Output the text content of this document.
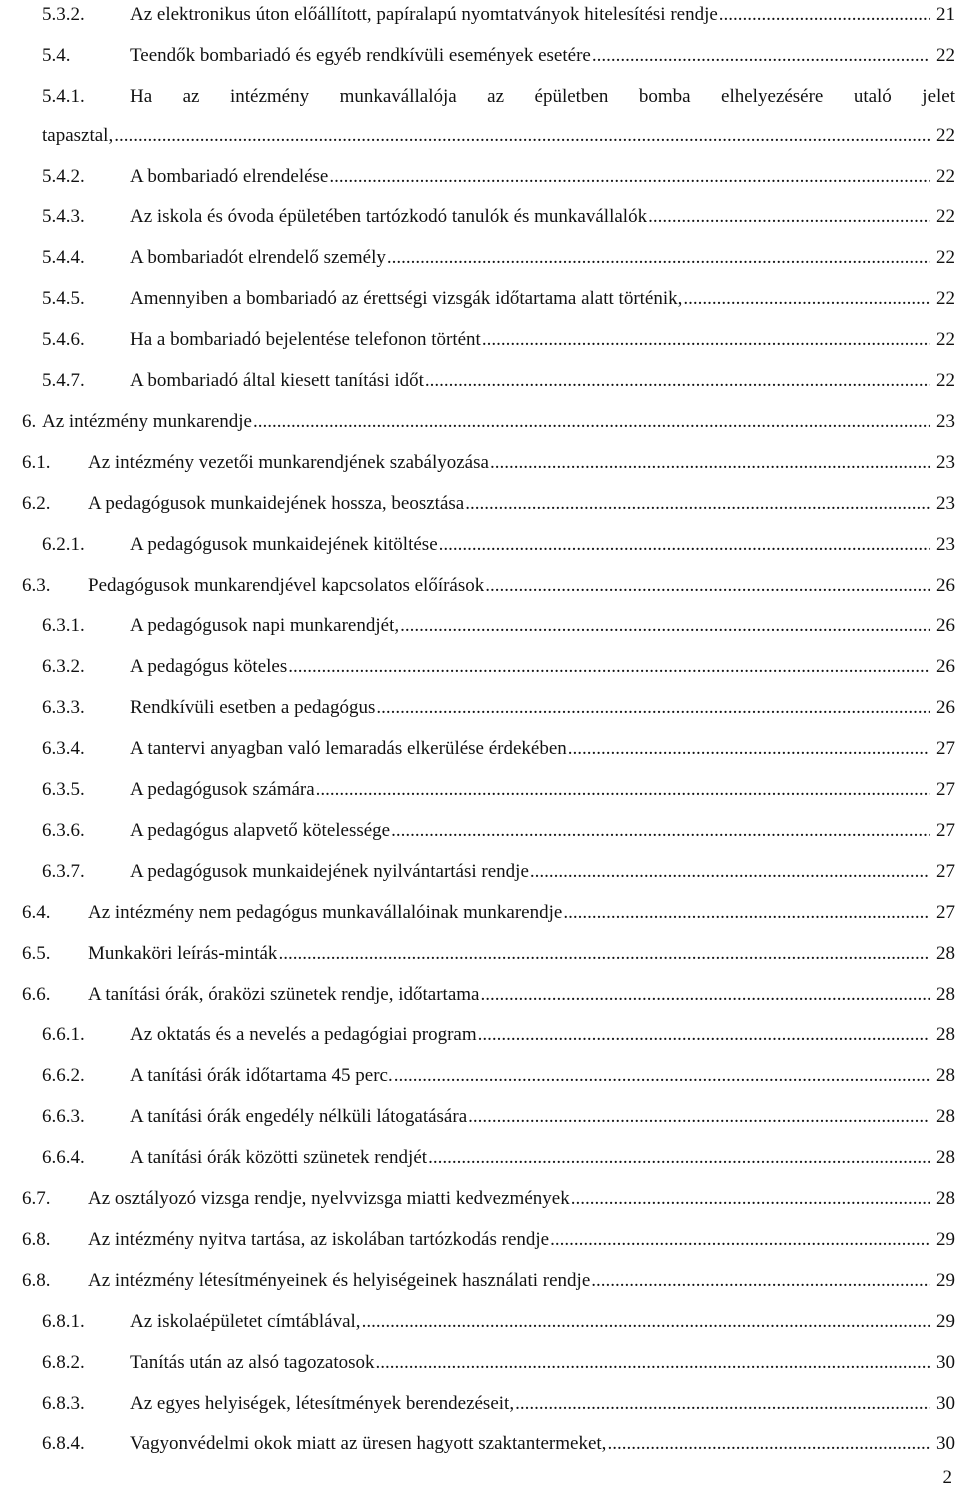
5.3.2.	Az elektronikus úton előállított, papíralapú nyomtatványok hitelesítési rendje .....	21
5.4.	Teendők bombariadó és egyéb rendkívüli események esetére .....	22
5.4.1.	Ha az intézmény munkavállalója az épületben bomba elhelyezésére utaló jelet
tapasztal, .....	22
5.4.2.	A bombariadó elrendelése .....	22
5.4.3.	Az iskola és óvoda épületében tartózkodó tanulók és munkavállalók .....	22
5.4.4.	A bombariadót elrendelő személy .....	22
5.4.5.	Amennyiben a bombariadó az érettségi vizsgák időtartama alatt történik, .....	22
5.4.6.	Ha a bombariadó bejelentése telefonon történt .....	22
5.4.7.	A bombariadó által kiesett tanítási időt .....	22
6. Az intézmény munkarendje .....	23
6.1.	Az intézmény vezetői munkarendjének szabályozása .....	23
6.2.	A pedagógusok munkaidejének hossza, beosztása .....	23
6.2.1.	A pedagógusok munkaidejének kitöltése .....	23
6.3.	Pedagógusok munkarendjével kapcsolatos előírások .....	26
6.3.1.	A pedagógusok napi munkarendjét, .....	26
6.3.2.	A pedagógus köteles .....	26
6.3.3.	Rendkívüli esetben a pedagógus .....	26
6.3.4.	A tantervi anyagban való lemaradás elkerülése érdekében .....	27
6.3.5.	A pedagógusok számára .....	27
6.3.6.	A pedagógus alapvető kötelessége .....	27
6.3.7.	A pedagógusok munkaidejének nyilvántartási rendje .....	27
6.4.	Az intézmény nem pedagógus munkavállalóinak munkarendje .....	27
6.5.	Munkaköri leírás-minták .....	28
6.6.	A tanítási órák, óraközi szünetek rendje, időtartama .....	28
6.6.1.	Az oktatás és a nevelés a pedagógiai program .....	28
6.6.2.	A tanítási órák időtartama 45 perc. .....	28
6.6.3.	A tanítási órák engedély nélküli látogatására .....	28
6.6.4.	A tanítási órák közötti szünetek rendjét .....	28
6.7.	Az osztályozó vizsga rendje, nyelvvizsga miatti kedvezmények .....	28
6.8.	Az intézmény nyitva tartása, az iskolában tartózkodás rendje .....	29
6.8.	Az intézmény létesítményeinek és helyiségeinek használati rendje .....	29
6.8.1.	Az iskolaépületet címtáblával, .....	29
6.8.2.	Tanítás után az alsó tagozatosok .....	30
6.8.3.	Az egyes helyiségek, létesítmények berendezéseit, .....	30
6.8.4.	Vagyonvédelmi okok miatt az üresen hagyott szaktantermeket, .....	30
2
